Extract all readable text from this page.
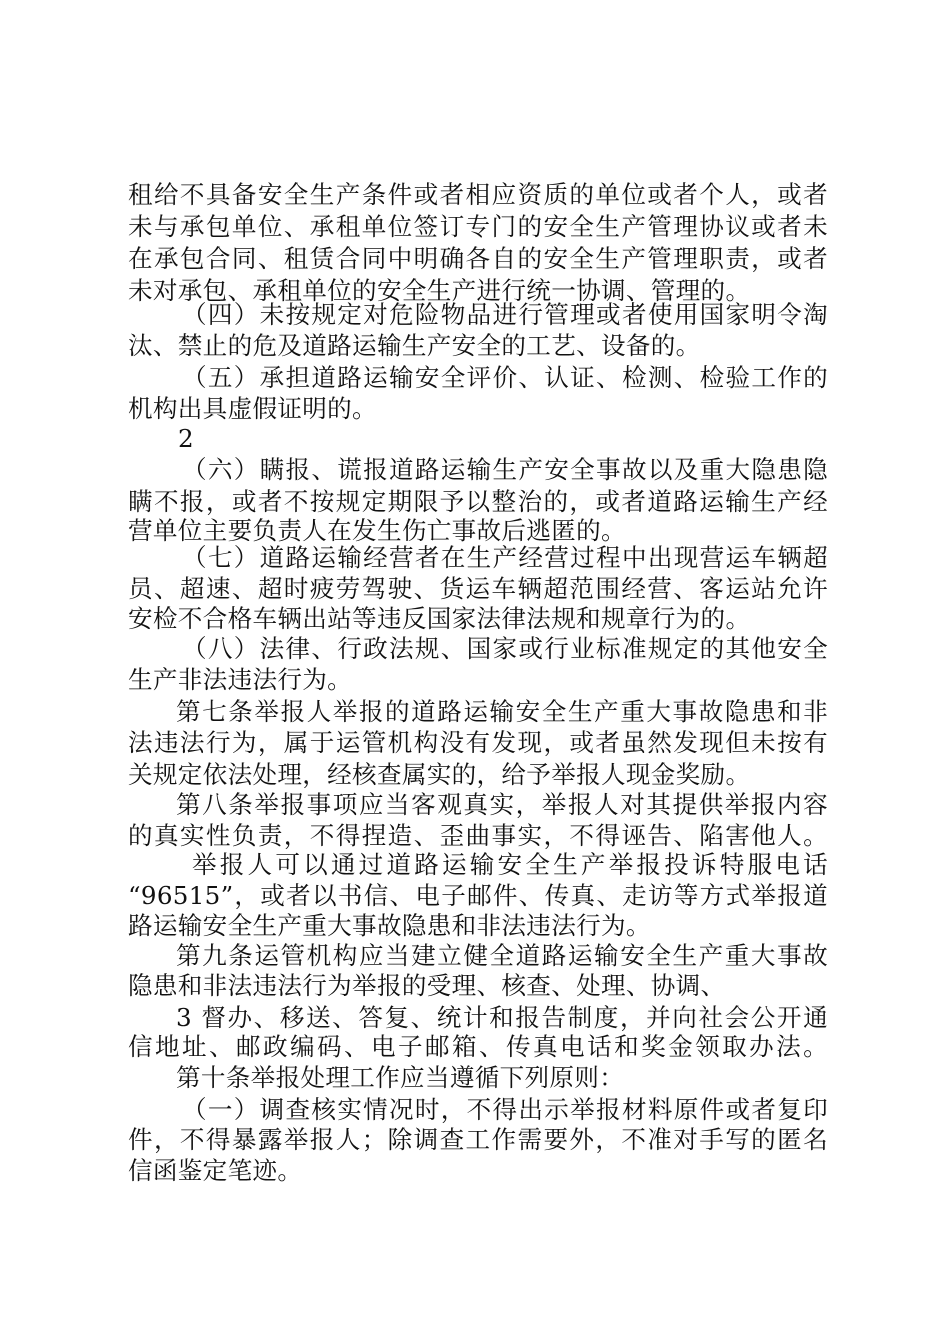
租给不具备安全生产条件或者相应资质的单位或者个人，或者
未与承包单位、承租单位签订专门的安全生产管理协议或者未
在承包合同、租赁合同中明确各自的安全生产管理职责，或者
未对承包、承租单位的安全生产进行统一协调、管理的。
（四）未按规定对危险物品进行管理或者使用国家明令淘
汰、禁止的危及道路运输生产安全的工艺、设备的。
（五）承担道路运输安全评价、认证、检测、检验工作的
机构出具虚假证明的。
2
（六）瞒报、谎报道路运输生产安全事故以及重大隐患隐
瞒不报，或者不按规定期限予以整治的，或者道路运输生产经
营单位主要负责人在发生伤亡事故后逃匿的。
（七）道路运输经营者在生产经营过程中出现营运车辆超
员、超速、超时疲劳驾驶、货运车辆超范围经营、客运站允许
安检不合格车辆出站等违反国家法律法规和规章行为的。
（八）法律、行政法规、国家或行业标准规定的其他安全
生产非法违法行为。
第七条举报人举报的道路运输安全生产重大事故隐患和非
法违法行为，属于运管机构没有发现，或者虽然发现但未按有
关规定依法处理，经核查属实的，给予举报人现金奖励。
第八条举报事项应当客观真实，举报人对其提供举报内容
的真实性负责，不得捏造、歪曲事实，不得诬告、陷害他人。
举报人可以通过道路运输安全生产举报投诉特服电话
“96515”，或者以书信、电子邮件、传真、走访等方式举报道
路运输安全生产重大事故隐患和非法违法行为。
第九条运管机构应当建立健全道路运输安全生产重大事故
隐患和非法违法行为举报的受理、核查、处理、协调、
3 督办、移送、答复、统计和报告制度，并向社会公开通
信地址、邮政编码、电子邮箱、传真电话和奖金领取办法。
第十条举报处理工作应当遵循下列原则：
（一）调查核实情况时，不得出示举报材料原件或者复印
件，不得暴露举报人；除调查工作需要外，不准对手写的匿名
信函鉴定笔迹。
